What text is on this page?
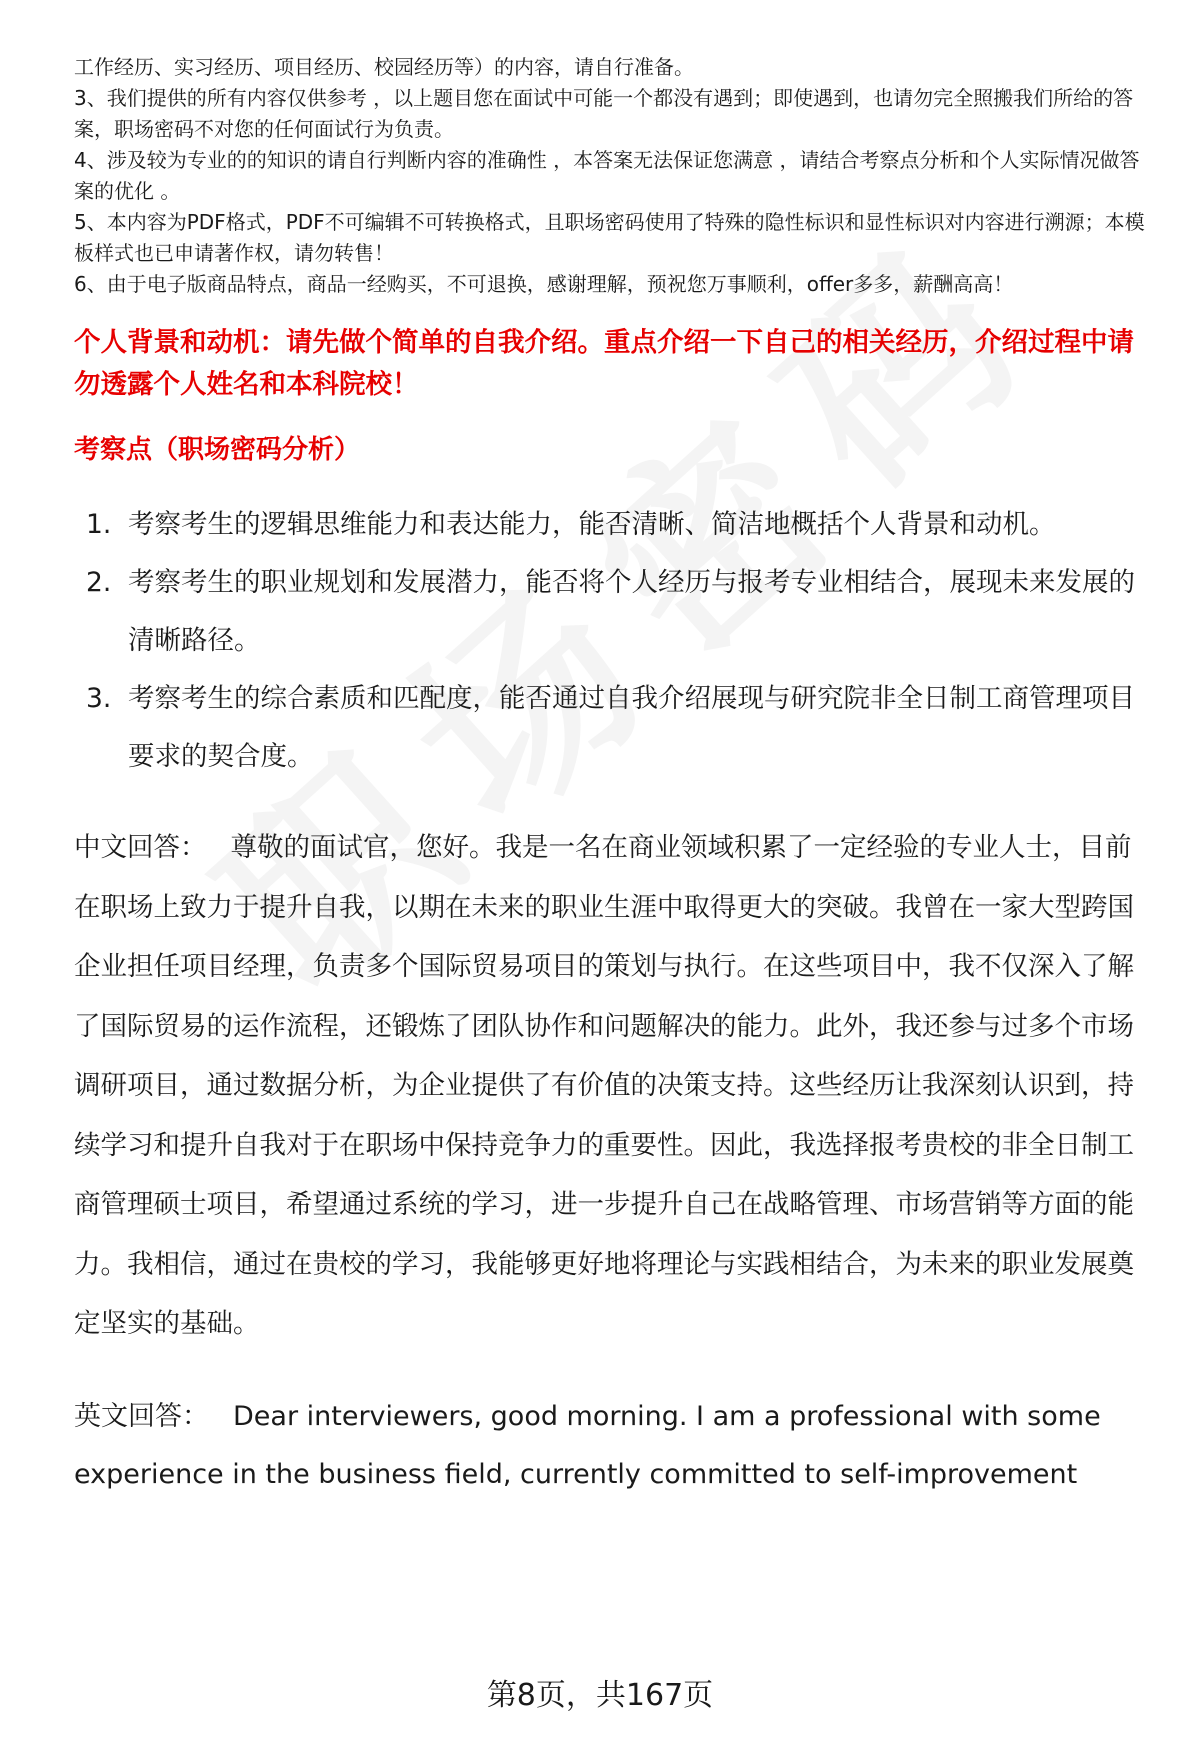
工作经历、实习经历、项目经历、校园经历等）的内容，请自行准备。

3、我们提供的所有内容仅供参考 ，以上题目您在面试中可能一个都没有遇到；即使遇到，也请勿完全照搬我们所给的答案，职场密码不对您的任何面试行为负责。

4、涉及较为专业的的知识的请自行判断内容的准确性 ，本答案无法保证您满意 ，请结合考察点分析和个人实际情况做答案的优化 。

5、本内容为PDF格式，PDF不可编辑不可转换格式，且职场密码使用了特殊的隐性标识和显性标识对内容进行溯源；本模板样式也已申请著作权，请勿转售！

6、由于电子版商品特点，商品一经购买，不可退换，感谢理解，预祝您万事顺利，offer多多，薪酬高高！

个人背景和动机：请先做个简单的自我介绍。重点介绍一下自己的相关经历，介绍过程中请勿透露个人姓名和本科院校！
考察点（职场密码分析）
1. 考察考生的逻辑思维能力和表达能力，能否清晰、简洁地概括个人背景和动机。
2. 考察考生的职业规划和发展潜力，能否将个人经历与报考专业相结合，展现未来发展的清晰路径。
3. 考察考生的综合素质和匹配度，能否通过自我介绍展现与研究院非全日制工商管理项目要求的契合度。

中文回答： 尊敬的面试官，您好。我是一名在商业领域积累了一定经验的专业人士，目前在职场上致力于提升自我，以期在未来的职业生涯中取得更大的突破。我曾在一家大型跨国企业担任项目经理，负责多个国际贸易项目的策划与执行。在这些项目中，我不仅深入了解了国际贸易的运作流程，还锻炼了团队协作和问题解决的能力。此外，我还参与过多个市场调研项目，通过数据分析，为企业提供了有价值的决策支持。这些经历让我深刻认识到，持续学习和提升自我对于在职场中保持竞争力的重要性。因此，我选择报考贵校的非全日制工商管理硕士项目，希望通过系统的学习，进一步提升自己在战略管理、市场营销等方面的能力。我相信，通过在贵校的学习，我能够更好地将理论与实践相结合，为未来的职业发展奠定坚实的基础。

英文回答： Dear interviewers, good morning. I am a professional with some experience in the business field, currently committed to self-improvement

第8页，共167页
